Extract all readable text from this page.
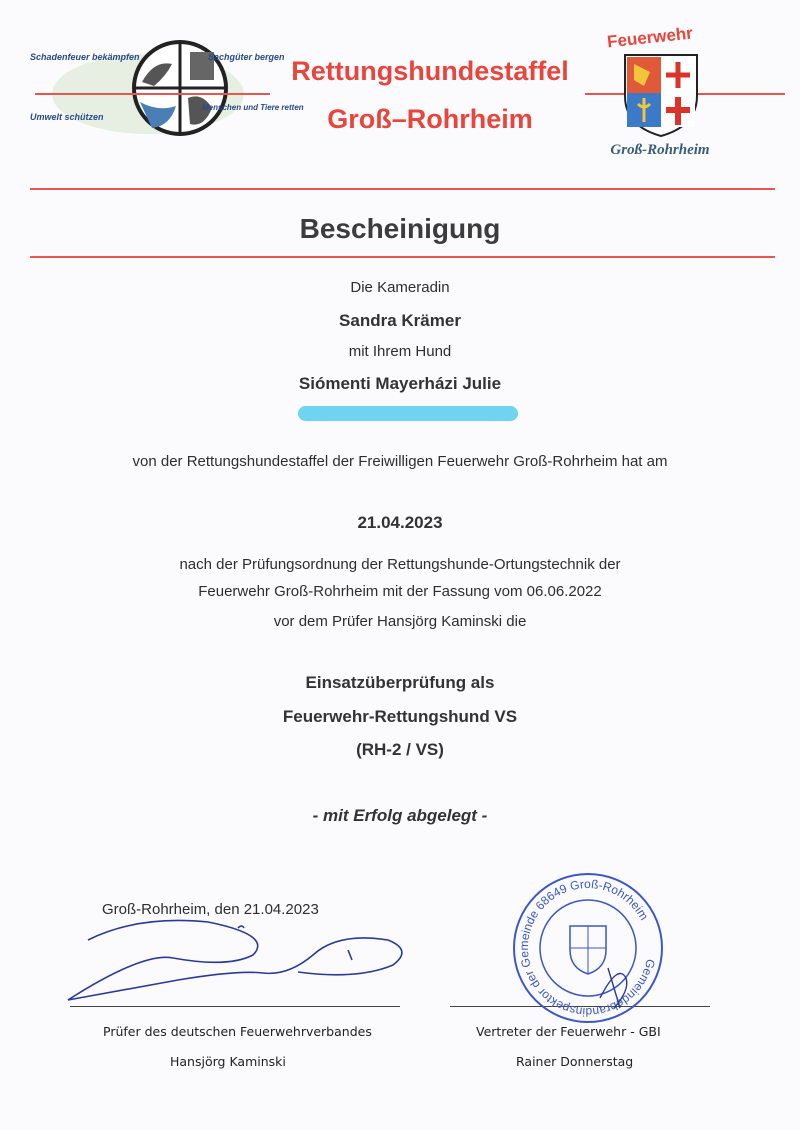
Schadenfeuer bekämpfen	Sachgüter bergen
Umwelt schützen
Menschen und Tiere retten
Rettungshundestaffel
Groß–Rohrheim
Feuerwehr
Groß-Rohrheim
Bescheinigung
Die Kameradin
Sandra Krämer
mit Ihrem Hund
Sióm​enti Mayerházi Julie
von der Rettungshundestaffel der Freiwilligen Feuerwehr Groß-Rohrheim hat am
21.04.2023
nach der Prüfungsordnung der Rettungshunde-Ortungstechnik der
Feuerwehr Groß-Rohrheim mit der Fassung vom 06.06.2022
vor dem Prüfer Hansjörg Kaminski die
Einsatzüberprüfung als
Feuerwehr-Rettungshund VS
(RH-2 / VS)
- mit Erfolg abgelegt -
Groß-Rohrheim, den 21.04.2023
Gemeindebrandinspektor der Gemeinde 68649 Groß-Rohrheim
Prüfer des deutschen Feuerwehrverbandes
Hansjörg Kaminski
Vertreter der Feuerwehr - GBI
Rainer Donnerstag
